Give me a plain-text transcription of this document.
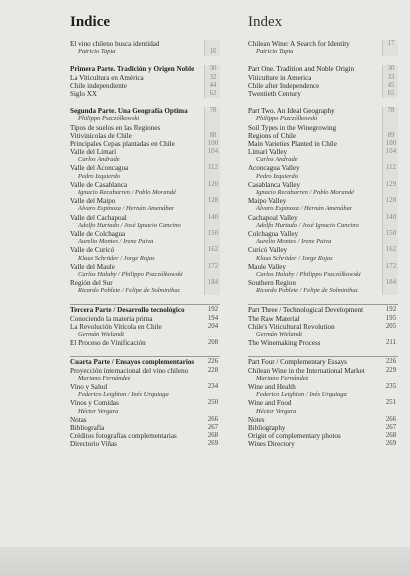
Indice
El vino chileno busca identidad
Patricio Tapia	16
Primera Parte. Tradición y Origen Noble	30
La Viticultura en América	32
Chile independiente	44
Siglo XX	62
Segunda Parte. Una Geografía Optima	78
Philippo Pszczólkowski
Tipos de suelos en las Regiones
Vitivinícolas de Chile	88
Principales Cepas plantadas en Chile	100
Valle del Limarí	104
Carlos Andrade
Valle del Aconcagua	112
Pedro Izquierdo
Valle de Casablanca	120
Ignacio Recabarren / Pablo Morandé
Valle del Maipo	128
Alvaro Espinoza / Hernán Amenábar
Valle del Cachapoal	140
Adolfo Hurtado / José Ignacio Cancino
Valle de Colchagua	150
Aurelio Montes / Irene Paiva
Valle de Curicó	162
Klaus Schröder / Jorge Rojas
Valle del Maule	172
Carlos Halaby / Philippo Pszczólkowski
Región del Sur	184
Ricardo Poblete / Felipe de Solminihac
Tercera Parte / Desarrollo tecnológico	192
Conociendo la materia prima	194
La Revolución Vitícola en Chile	204
Germán Wielandt
El Proceso de Vinificación	208
Cuarta Parte / Ensayos complementarios 226
Proyección internacional del vino chileno	228
Mariano Fernández
Vino y Salud	234
Federico Leighton / Inés Urquiaga
Vinos y Comidas	250
Héctor Vergara
Notas	266
Bibliografía	267
Créditos fotografías complementarias	268
Directorio Viñas	269
Index
Chilean Wine: A Search for Identity	17
Patricio Tapia
Part One. Tradition and Noble Origin	30
Viticulture in America	33
Chile after Independence	45
Twentieth Century	65
Part Two. An Ideal Geography	78
Philippo Pszczólkowski
Soil Types in the Winegrowing
Regions of Chile	89
Main Varieties Planted in Chile	100
Limarí Valley	104
Carlos Andrade
Aconcagua Valley	112
Pedro Izquierdo
Casablanca Valley	129
Ignacio Recabarren / Pablo Morandé
Maipo Valley	128
Alvaro Espinoza / Hernán Amenábar
Cachapoal Valley	140
Adolfo Hurtado / José Ignacio Cancino
Colchagua Valley	150
Aurelio Montes / Irene Paiva
Curicó Valley	162
Klaus Schröder / Jorge Rojas
Maule Valley	172
Carlos Halaby / Philippo Pszczólkowski
Southern Region	184
Ricardo Poblete / Felipe de Solminihac
Part Three / Technological Development	192
The Raw Material	195
Chile's Viticultural Revolution	205
Germán Wielandt
The Winemaking Process	211
Part Four / Complementary Essays	226
Chilean Wine in the International Market	229
Mariano Fernández
Wine and Health	235
Federico Leighton / Inés Urquiaga
Wine and Food	251
Héctor Vergara
Notes	266
Bibliography	267
Origin of complementary photos	268
Wines Directory	269
